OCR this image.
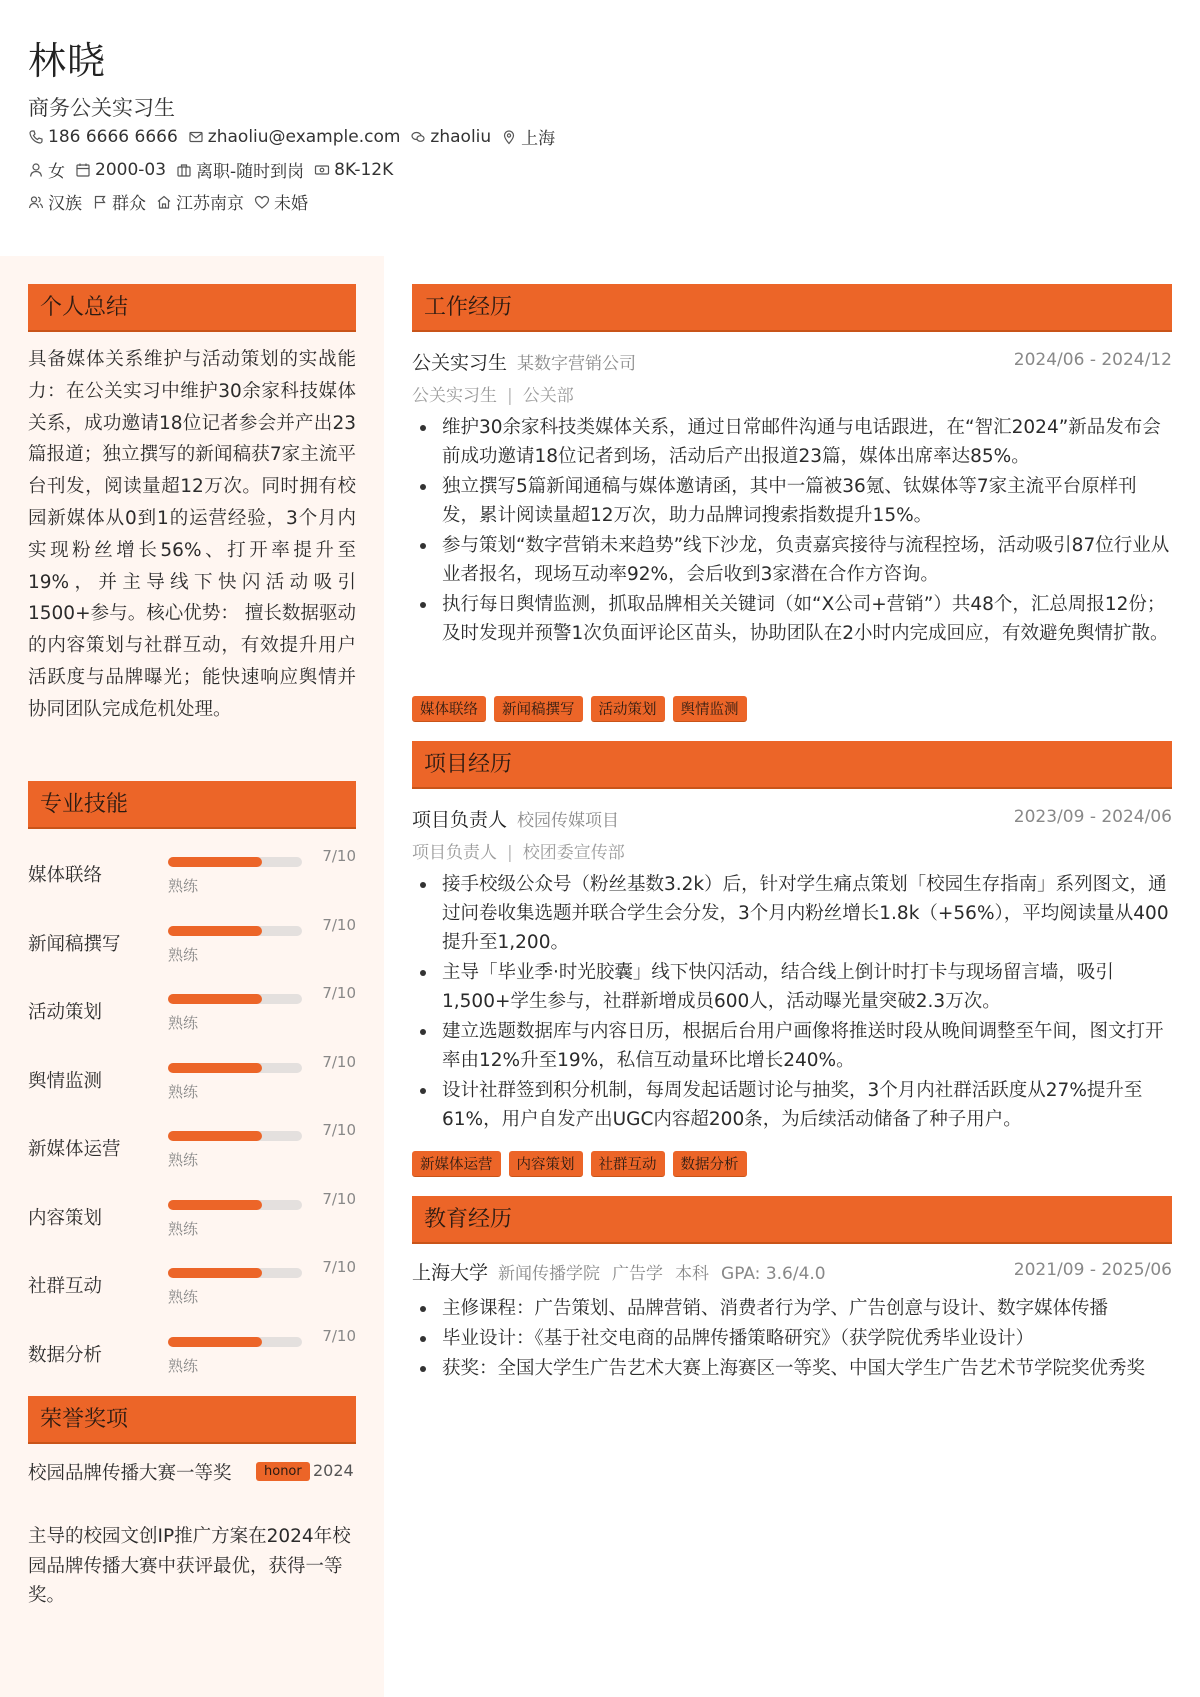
林晓
商务公关实习生
186 6666 6666 zhaoliu@example.com zhaoliu 上海
女 2000-03 离职-随时到岗 8K-12K
汉族 群众 江苏南京 未婚
个人总结
具备媒体关系维护与活动策划的实战能力：在公关实习中维护30余家科技媒体关系，成功邀请18位记者参会并产出23篇报道；独立撰写的新闻稿获7家主流平台刊发，阅读量超12万次。同时拥有校园新媒体从0到1的运营经验，3个月内实现粉丝增长56%、打开率提升至19%，并主导线下快闪活动吸引1500+参与。核心优势： 擅长数据驱动的内容策划与社群互动，有效提升用户活跃度与品牌曝光；能快速响应舆情并协同团队完成危机处理。
专业技能
媒体联络
7/10
熟练
新闻稿撰写
7/10
熟练
活动策划
7/10
熟练
舆情监测
7/10
熟练
新媒体运营
7/10
熟练
内容策划
7/10
熟练
社群互动
7/10
熟练
数据分析
7/10
熟练
荣誉奖项
校园品牌传播大赛一等奖	honor 2024
主导的校园文创IP推广方案在2024年校园品牌传播大赛中获评最优，获得一等奖。
工作经历
公关实习生 某数字营销公司	2024/06 - 2024/12
公关实习生 | 公关部
维护30余家科技类媒体关系，通过日常邮件沟通与电话跟进，在“智汇2024”新品发布会前成功邀请18位记者到场，活动后产出报道23篇，媒体出席率达85%。
独立撰写5篇新闻通稿与媒体邀请函，其中一篇被36氪、钛媒体等7家主流平台原样刊发，累计阅读量超12万次，助力品牌词搜索指数提升15%。
参与策划“数字营销未来趋势”线下沙龙，负责嘉宾接待与流程控场，活动吸引87位行业从业者报名，现场互动率92%，会后收到3家潜在合作方咨询。
执行每日舆情监测，抓取品牌相关关键词（如“X公司+营销”）共48个，汇总周报12份；及时发现并预警1次负面评论区苗头，协助团队在2小时内完成回应，有效避免舆情扩散。
媒体联络	新闻稿撰写	活动策划	舆情监测
项目经历
项目负责人 校园传媒项目	2023/09 - 2024/06
项目负责人 | 校团委宣传部
接手校级公众号（粉丝基数3.2k）后，针对学生痛点策划「校园生存指南」系列图文，通过问卷收集选题并联合学生会分发，3个月内粉丝增长1.8k（+56%），平均阅读量从400提升至1,200。
主导「毕业季·时光胶囊」线下快闪活动，结合线上倒计时打卡与现场留言墙，吸引1,500+学生参与，社群新增成员600人，活动曝光量突破2.3万次。
建立选题数据库与内容日历，根据后台用户画像将推送时段从晚间调整至午间，图文打开率由12%升至19%，私信互动量环比增长240%。
设计社群签到积分机制，每周发起话题讨论与抽奖，3个月内社群活跃度从27%提升至61%，用户自发产出UGC内容超200条，为后续活动储备了种子用户。
新媒体运营	内容策划	社群互动	数据分析
教育经历
上海大学 新闻传播学院 广告学 本科 GPA: 3.6/4.0	2021/09 - 2025/06
主修课程：广告策划、品牌营销、消费者行为学、广告创意与设计、数字媒体传播
毕业设计：《基于社交电商的品牌传播策略研究》（获学院优秀毕业设计）
获奖：全国大学生广告艺术大赛上海赛区一等奖、中国大学生广告艺术节学院奖优秀奖
